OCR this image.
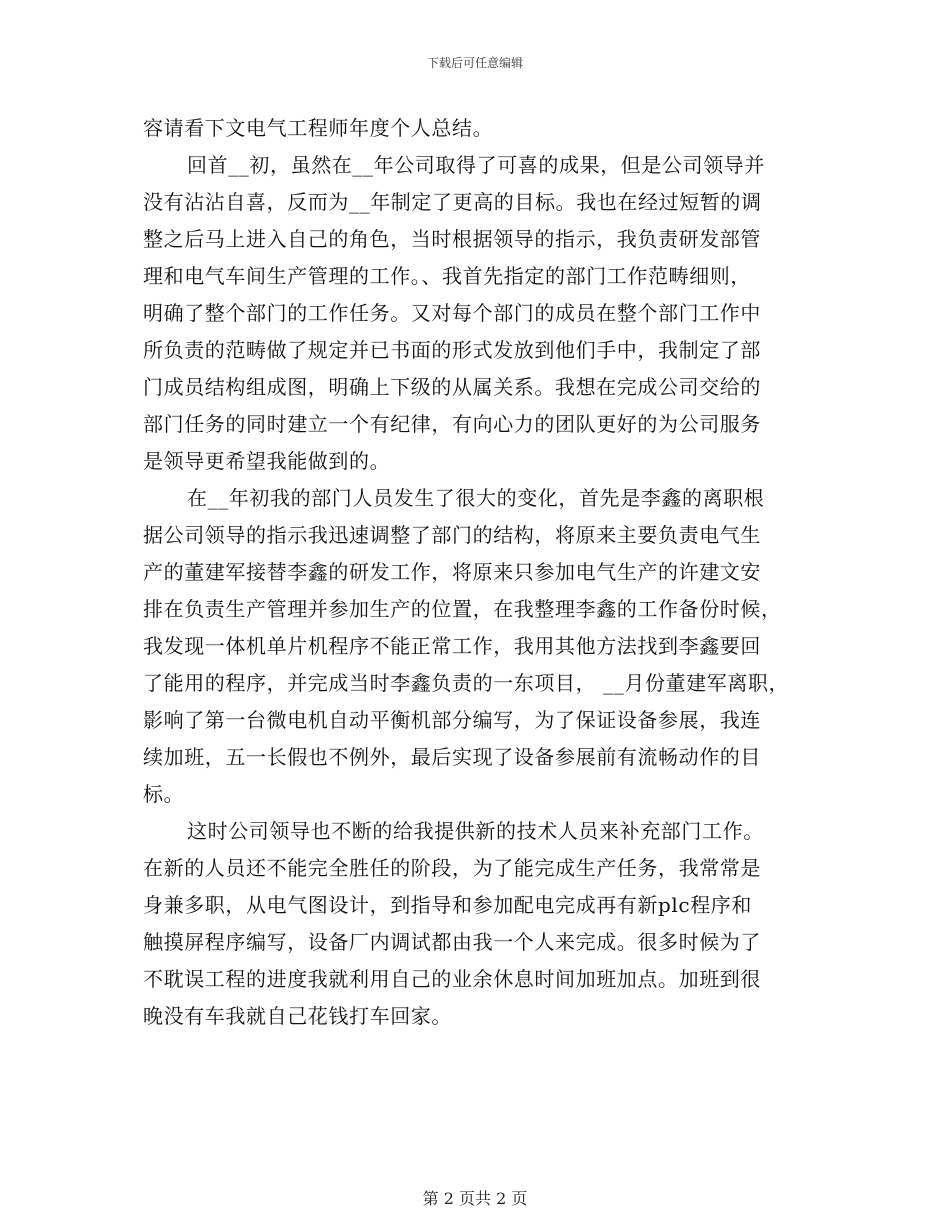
下载后可任意编辑
容请看下文电气工程师年度个人总结。
回首__初，虽然在__年公司取得了可喜的成果，但是公司领导并
没有沾沾自喜，反而为__年制定了更高的目标。我也在经过短暂的调
整之后马上进入自己的角色，当时根据领导的指示，我负责研发部管
理和电气车间生产管理的工作。、我首先指定的部门工作范畴细则，
明确了整个部门的工作任务。又对每个部门的成员在整个部门工作中
所负责的范畴做了规定并已书面的形式发放到他们手中，我制定了部
门成员结构组成图，明确上下级的从属关系。我想在完成公司交给的
部门任务的同时建立一个有纪律，有向心力的团队更好的为公司服务
是领导更希望我能做到的。
在__年初我的部门人员发生了很大的变化，首先是李鑫的离职根
据公司领导的指示我迅速调整了部门的结构，将原来主要负责电气生
产的董建军接替李鑫的研发工作，将原来只参加电气生产的许建文安
排在负责生产管理并参加生产的位置，在我整理李鑫的工作备份时候，
我发现一体机单片机程序不能正常工作，我用其他方法找到李鑫要回
了能用的程序，并完成当时李鑫负责的一东项目， __月份董建军离职，
影响了第一台微电机自动平衡机部分编写，为了保证设备参展，我连
续加班，五一长假也不例外，最后实现了设备参展前有流畅动作的目
标。
这时公司领导也不断的给我提供新的技术人员来补充部门工作。
在新的人员还不能完全胜任的阶段，为了能完成生产任务，我常常是
身兼多职，从电气图设计，到指导和参加配电完成再有新plc程序和
触摸屏程序编写，设备厂内调试都由我一个人来完成。很多时候为了
不耽误工程的进度我就利用自己的业余休息时间加班加点。加班到很
晚没有车我就自己花钱打车回家。
第 2 页共 2 页
